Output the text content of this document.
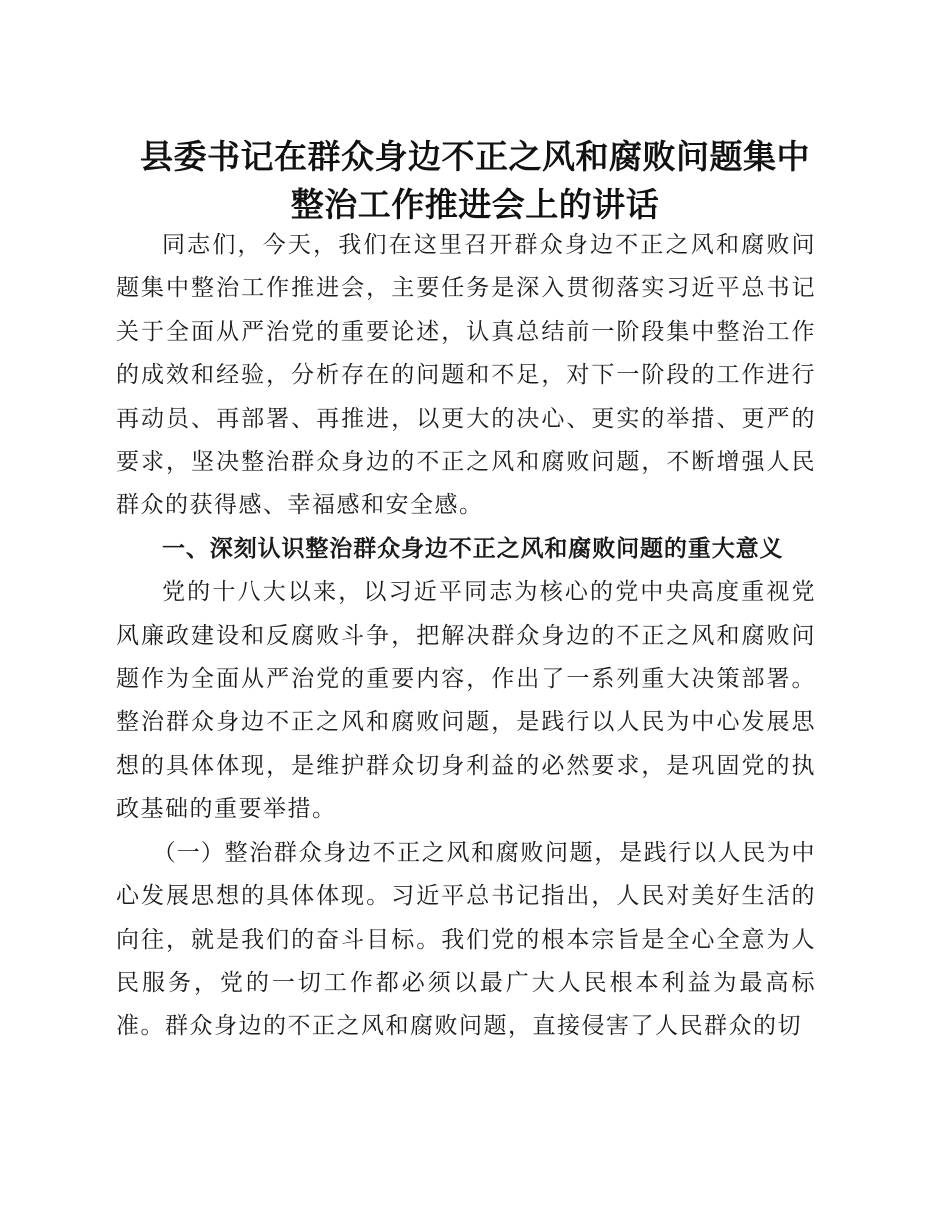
县委书记在群众身边不正之风和腐败问题集中
整治工作推进会上的讲话

同志们，今天，我们在这里召开群众身边不正之风和腐败问题集中整治工作推进会，主要任务是深入贯彻落实习近平总书记关于全面从严治党的重要论述，认真总结前一阶段集中整治工作的成效和经验，分析存在的问题和不足，对下一阶段的工作进行再动员、再部署、再推进，以更大的决心、更实的举措、更严的要求，坚决整治群众身边的不正之风和腐败问题，不断增强人民群众的获得感、幸福感和安全感。

一、深刻认识整治群众身边不正之风和腐败问题的重大意义

党的十八大以来，以习近平同志为核心的党中央高度重视党风廉政建设和反腐败斗争，把解决群众身边的不正之风和腐败问题作为全面从严治党的重要内容，作出了一系列重大决策部署。整治群众身边不正之风和腐败问题，是践行以人民为中心发展思想的具体体现，是维护群众切身利益的必然要求，是巩固党的执政基础的重要举措。

（一）整治群众身边不正之风和腐败问题，是践行以人民为中心发展思想的具体体现。习近平总书记指出，人民对美好生活的向往，就是我们的奋斗目标。我们党的根本宗旨是全心全意为人民服务，党的一切工作都必须以最广大人民根本利益为最高标准。群众身边的不正之风和腐败问题，直接侵害了人民群众的切
